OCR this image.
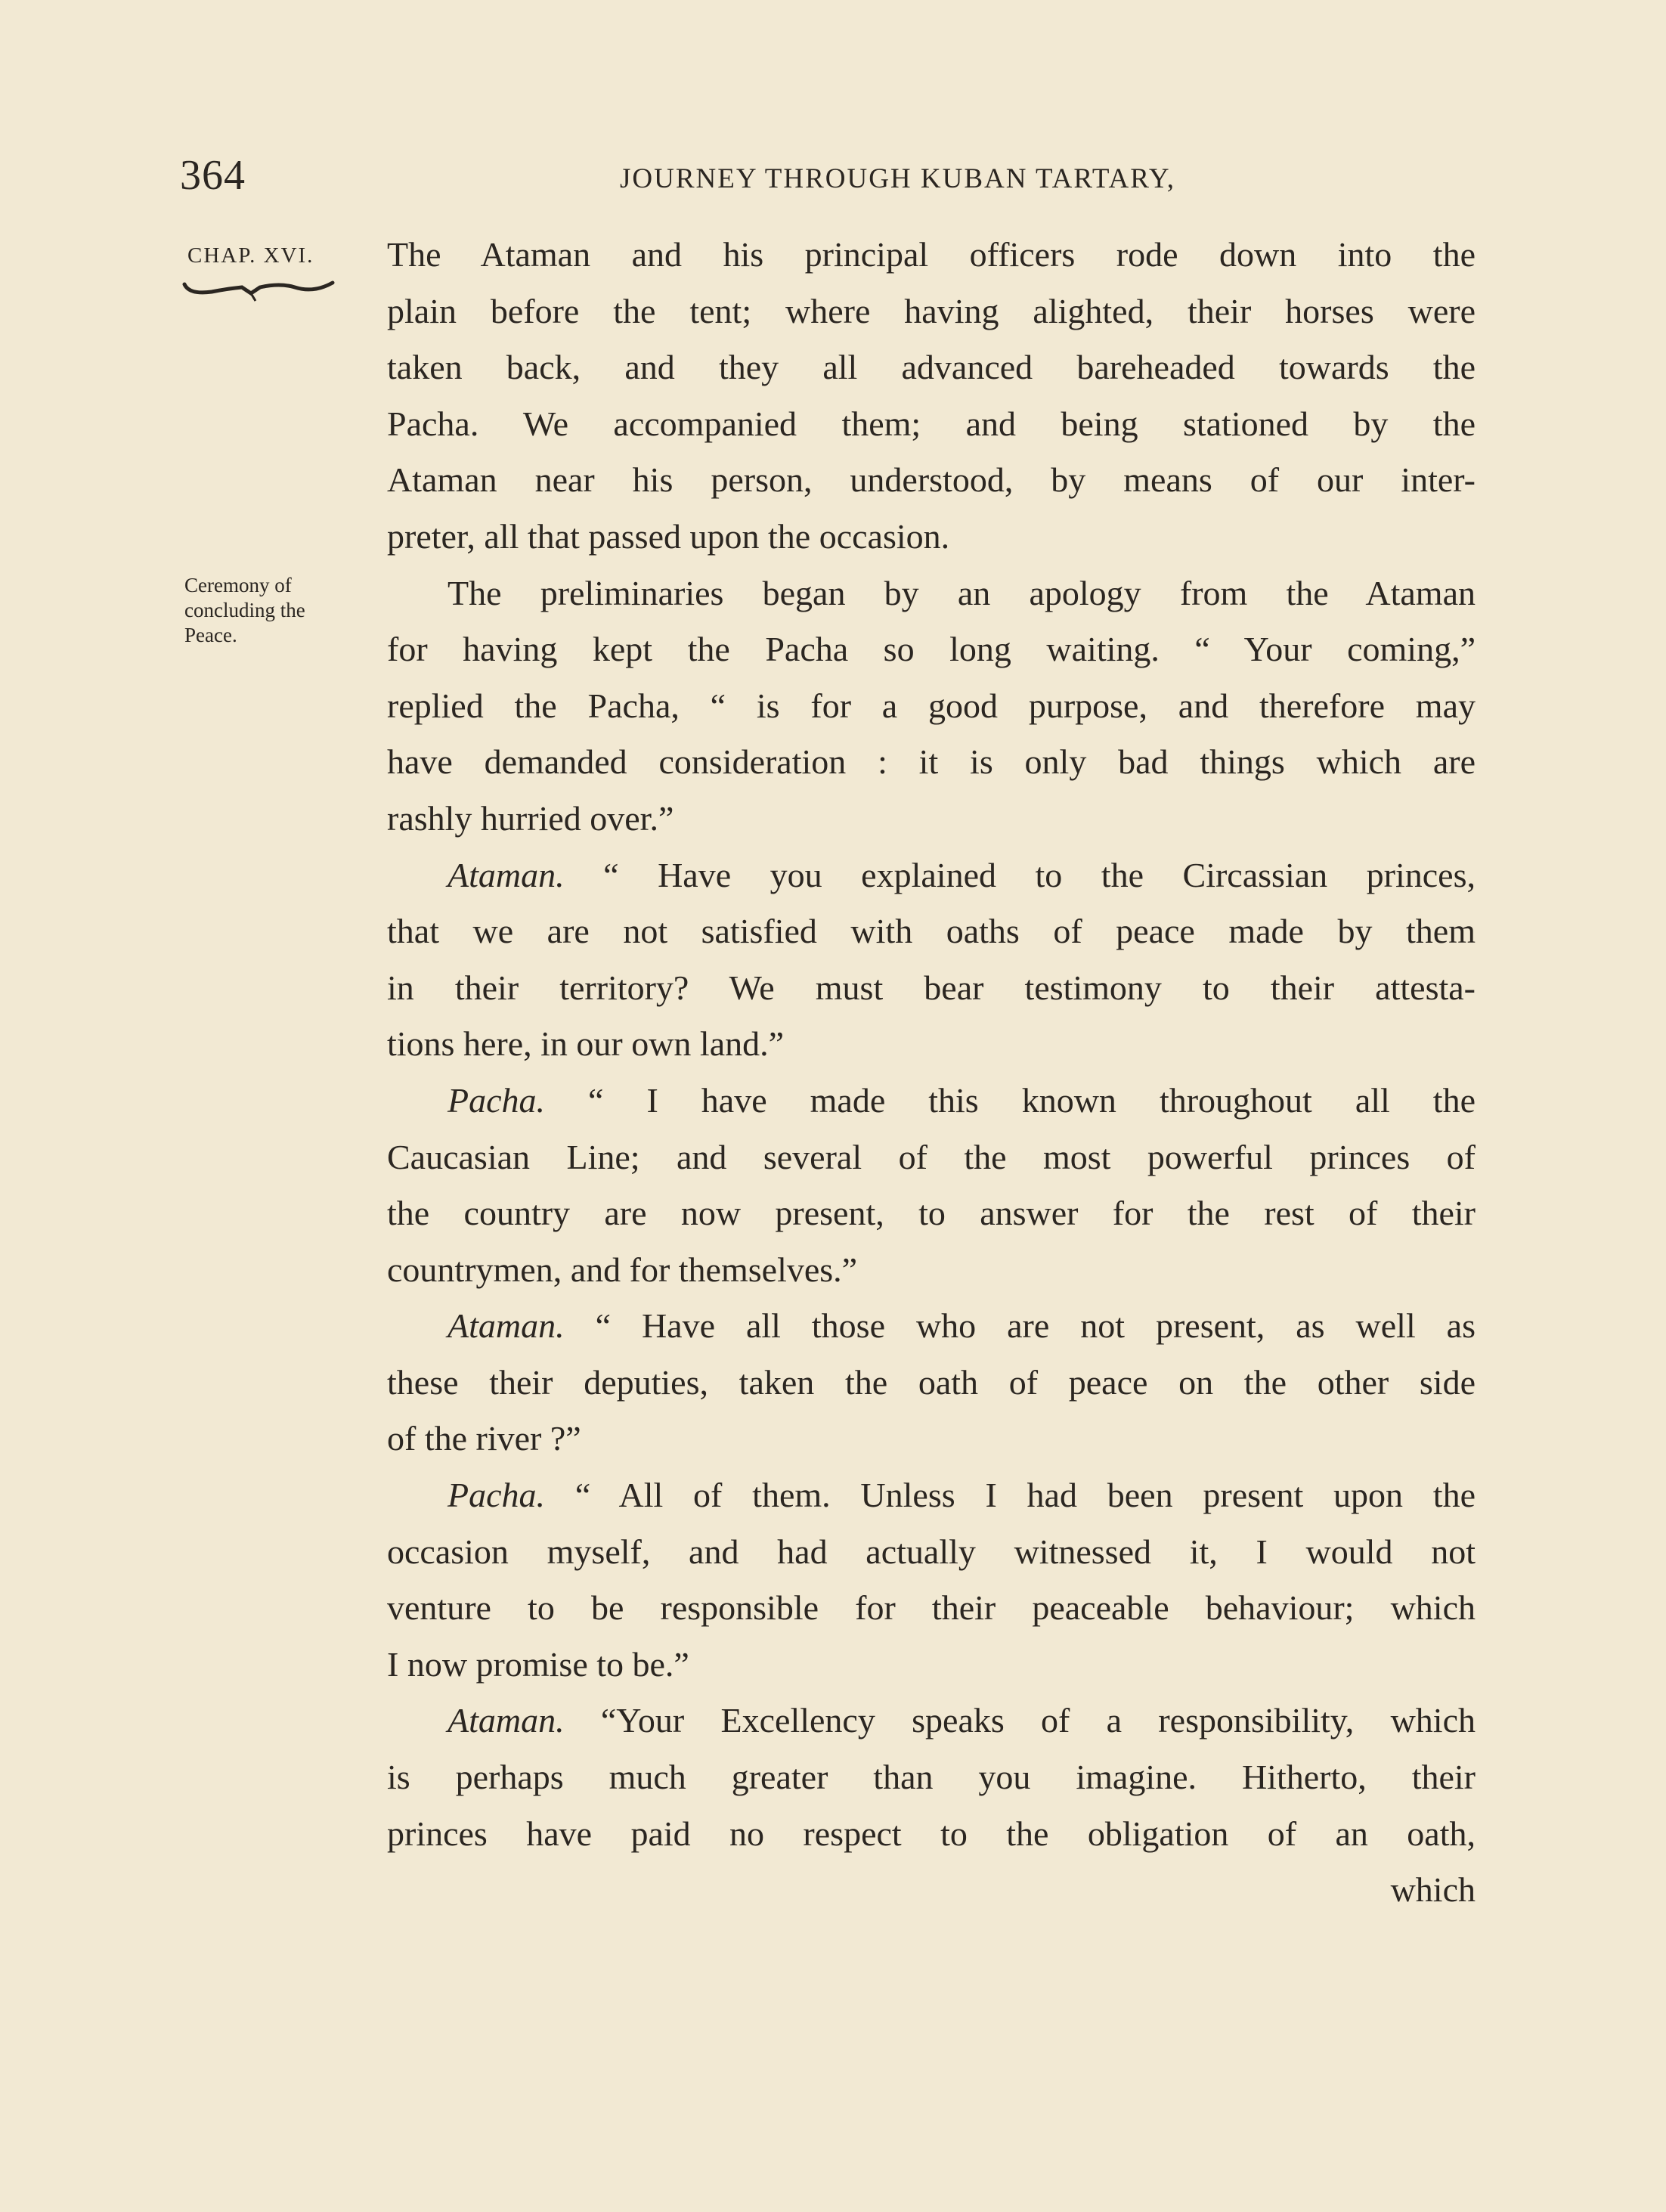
364	JOURNEY THROUGH KUBAN TARTARY,
CHAP. XVI.
Ceremony of
concluding the
Peace.
The Ataman and his principal officers rode down into the
plain before the tent; where having alighted, their horses were
taken back, and they all advanced bareheaded towards the
Pacha. We accompanied them; and being stationed by the
Ataman near his person, understood, by means of our inter-
preter, all that passed upon the occasion.
The preliminaries began by an apology from the Ataman
for having kept the Pacha so long waiting. “ Your coming,”
replied the Pacha, “ is for a good purpose, and therefore may
have demanded consideration : it is only bad things which are
rashly hurried over.”
Ataman. “ Have you explained to the Circassian princes,
that we are not satisfied with oaths of peace made by them
in their territory? We must bear testimony to their attesta-
tions here, in our own land.”
Pacha. “ I have made this known throughout all the
Caucasian Line; and several of the most powerful princes of
the country are now present, to answer for the rest of their
countrymen, and for themselves.”
Ataman. “ Have all those who are not present, as well as
these their deputies, taken the oath of peace on the other side
of the river ?”
Pacha. “ All of them. Unless I had been present upon the
occasion myself, and had actually witnessed it, I would not
venture to be responsible for their peaceable behaviour; which
I now promise to be.”
Ataman. “Your Excellency speaks of a responsibility, which
is perhaps much greater than you imagine. Hitherto, their
princes have paid no respect to the obligation of an oath,
which
